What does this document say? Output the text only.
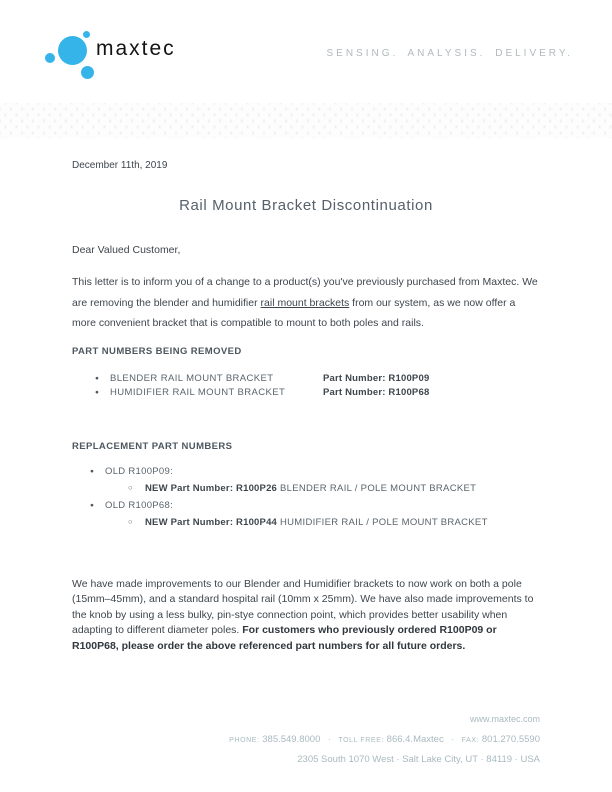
maxtec	SENSING. ANALYSIS. DELIVERY.

December 11th, 2019

Rail Mount Bracket Discontinuation

Dear Valued Customer,

This letter is to inform you of a change to a product(s) you've previously purchased from Maxtec. We are removing the blender and humidifier rail mount brackets from our system, as we now offer a more convenient bracket that is compatible to mount to both poles and rails.

PART NUMBERS BEING REMOVED
●	BLENDER RAIL MOUNT BRACKET	Part Number: R100P09
●	HUMIDIFIER RAIL MOUNT BRACKET	Part Number: R100P68
REPLACEMENT PART NUMBERS
●	OLD R100P09:
○	NEW Part Number: R100P26 BLENDER RAIL / POLE MOUNT BRACKET
●	OLD R100P68:
○	NEW Part Number: R100P44 HUMIDIFIER RAIL / POLE MOUNT BRACKET

We have made improvements to our Blender and Humidifier brackets to now work on both a pole (15mm–45mm), and a standard hospital rail (10mm x 25mm). We have also made improvements to the knob by using a less bulky, pin-stye connection point, which provides better usability when adapting to different diameter poles. For customers who previously ordered R100P09 or R100P68, please order the above referenced part numbers for all future orders.

www.maxtec.com
PHONE: 385.549.8000 · TOLL FREE: 866.4.Maxtec · FAX: 801.270.5590
2305 South 1070 West · Salt Lake City, UT · 84119 · USA
